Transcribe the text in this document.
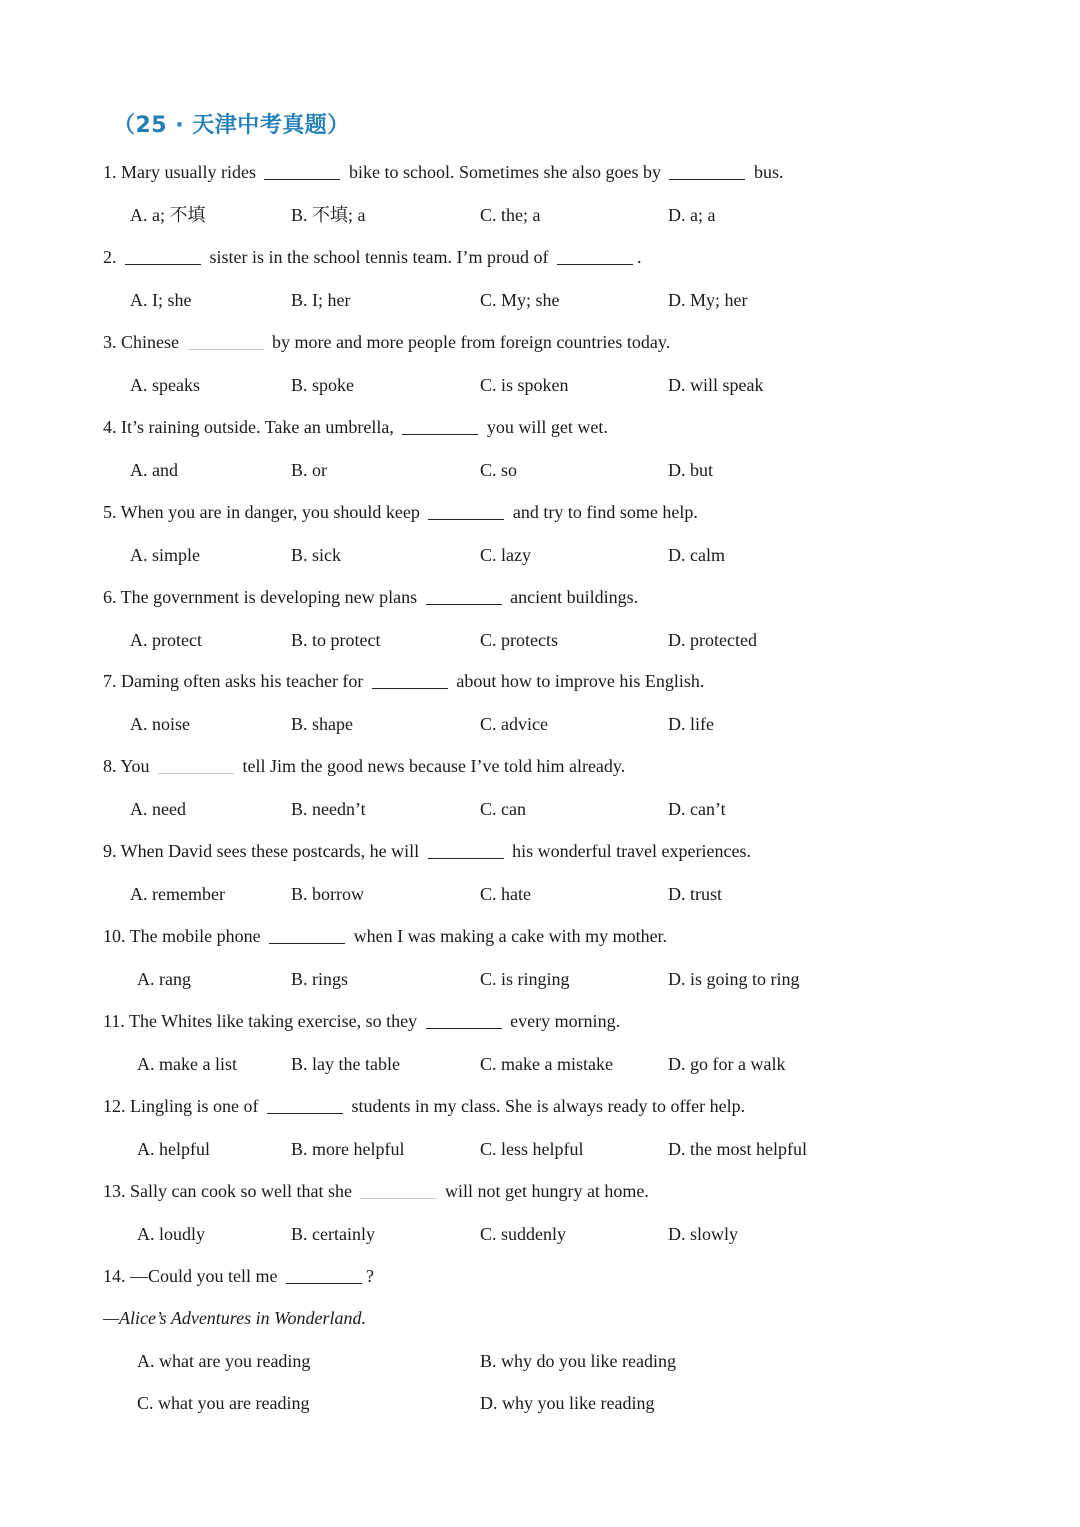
（25 · 天津中考真题）
1. Mary usually rides	bike to school. Sometimes she also goes by	bus.
A. a; 不填	B. 不填; a	C. the; a	D. a; a
2.	sister is in the school tennis team. I’m proud of	.
A. I; she	B. I; her	C. My; she	D. My; her
3. Chinese	by more and more people from foreign countries today.
A. speaks	B. spoke	C. is spoken	D. will speak
4. It’s raining outside. Take an umbrella,	you will get wet.
A. and	B. or	C. so	D. but
5. When you are in danger, you should keep	and try to find some help.
A. simple	B. sick	C. lazy	D. calm
6. The government is developing new plans	ancient buildings.
A. protect	B. to protect	C. protects	D. protected
7. Daming often asks his teacher for	about how to improve his English.
A. noise	B. shape	C. advice	D. life
8. You	tell Jim the good news because I’ve told him already.
A. need	B. needn’t	C. can	D. can’t
9. When David sees these postcards, he will	his wonderful travel experiences.
A. remember	B. borrow	C. hate	D. trust
10. The mobile phone	when I was making a cake with my mother.
A. rang	B. rings	C. is ringing	D. is going to ring
11. The Whites like taking exercise, so they	every morning.
A. make a list	B. lay the table	C. make a mistake	D. go for a walk
12. Lingling is one of	students in my class. She is always ready to offer help.
A. helpful	B. more helpful	C. less helpful	D. the most helpful
13. Sally can cook so well that she	will not get hungry at home.
A. loudly	B. certainly	C. suddenly	D. slowly
14. —Could you tell me	?
—Alice’s Adventures in Wonderland.
A. what are you reading	B. why do you like reading
C. what you are reading	D. why you like reading
